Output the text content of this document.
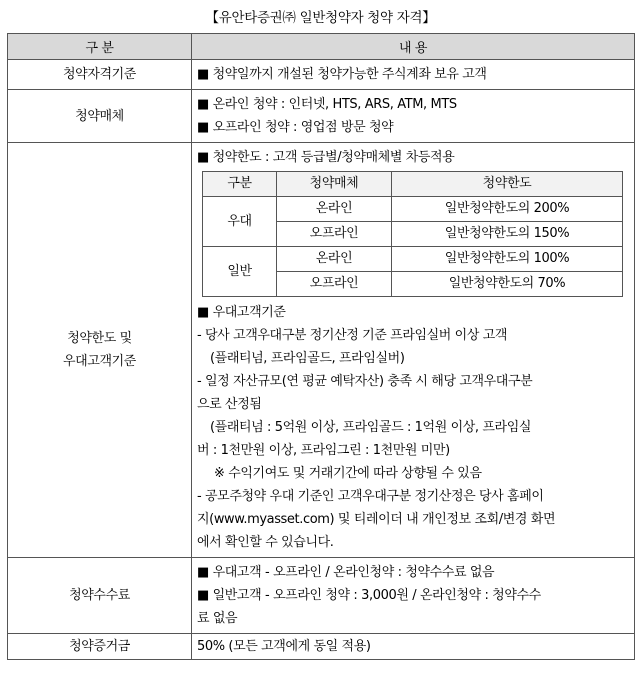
【유안타증권㈜ 일반청약자 청약 자격】
구 분	내 용
청약자격기준	■ 청약일까지 개설된 청약가능한 주식계좌 보유 고객

청약매체	
■ 온라인 청약 : 인터넷, HTS, ARS, ATM, MTS
■ 오프라인 청약 : 영업점 방문 청약

청약한도 및
우대고객기준

■ 청약한도 : 고객 등급별/청약매체별 차등적용
구분	청약매체	청약한도
우대	온라인	일반청약한도의 200%
오프라인	일반청약한도의 150%
일반	온라인	일반청약한도의 100%
오프라인	일반청약한도의 70%
■ 우대고객기준
- 당사 고객우대구분 정기산정 기준 프라임실버 이상 고객
(플래티넘, 프라임골드, 프라임실버)
- 일정 자산규모(연 평균 예탁자산) 충족 시 해당 고객우대구분
으로 산정됨
(플래티넘 : 5억원 이상, 프라임골드 : 1억원 이상, 프라임실
버 : 1천만원 이상, 프라임그린 : 1천만원 미만)
※ 수익기여도 및 거래기간에 따라 상향될 수 있음
- 공모주청약 우대 기준인 고객우대구분 정기산정은 당사 홈페이
지(www.myasset.com) 및 티레이더 내 개인정보 조회/변경 화면
에서 확인할 수 있습니다.

청약수수료	
■ 우대고객 - 오프라인 / 온라인청약 : 청약수수료 없음
■ 일반고객 - 오프라인 청약 : 3,000원 / 온라인청약 : 청약수수
료 없음

청약증거금	50% (모든 고객에게 동일 적용)
